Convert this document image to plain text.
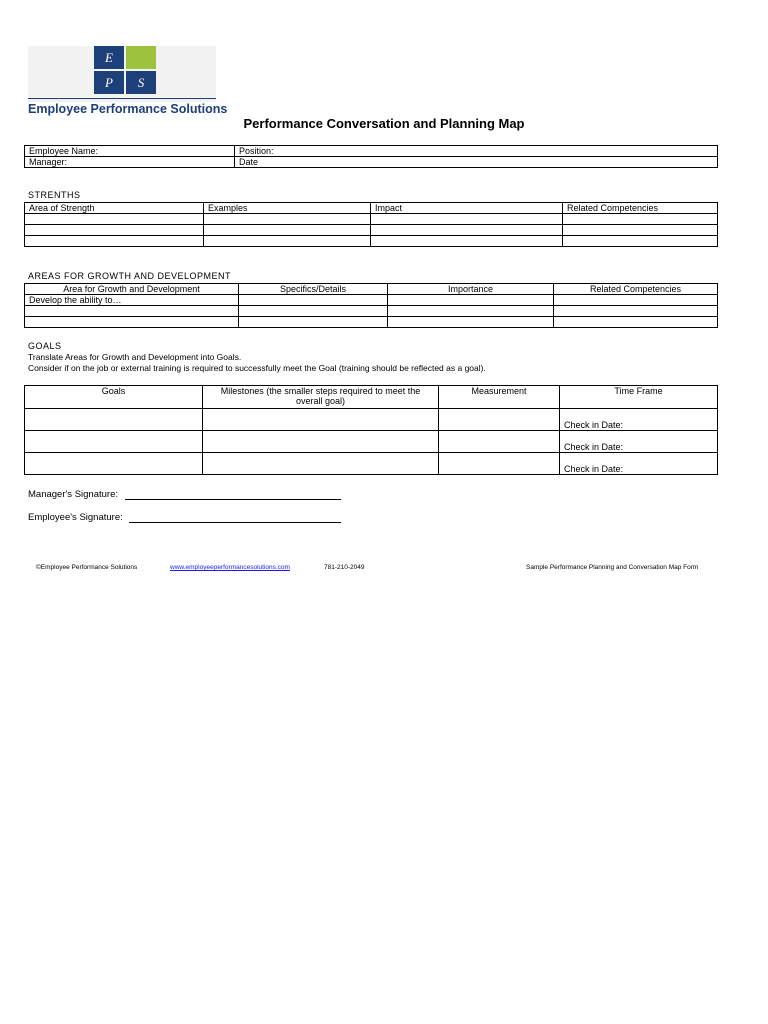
E
P	S
Employee Performance Solutions
Performance Conversation and Planning Map
Employee Name:	Position:
Manager:	Date
STRENTHS
Area of Strength	Examples	Impact	Related Competencies

AREAS FOR GROWTH AND DEVELOPMENT
Area for Growth and Development	Specifics/Details	Importance	Related Competencies
Develop the ability to…			

GOALS
Translate Areas for Growth and Development into Goals.
Consider if on the job or external training is required to successfully meet the Goal (training should be reflected as a goal).
Goals	Milestones (the smaller steps required to meet the overall goal)	Measurement	Time Frame
			Check in Date:
			Check in Date:
			Check in Date:
Manager's Signature:
Employee's Signature:
©Employee Performance Solutions	www.employeeperformancesolutions.com	781-210-2049	Sample Performance Planning and Conversation Map Form
